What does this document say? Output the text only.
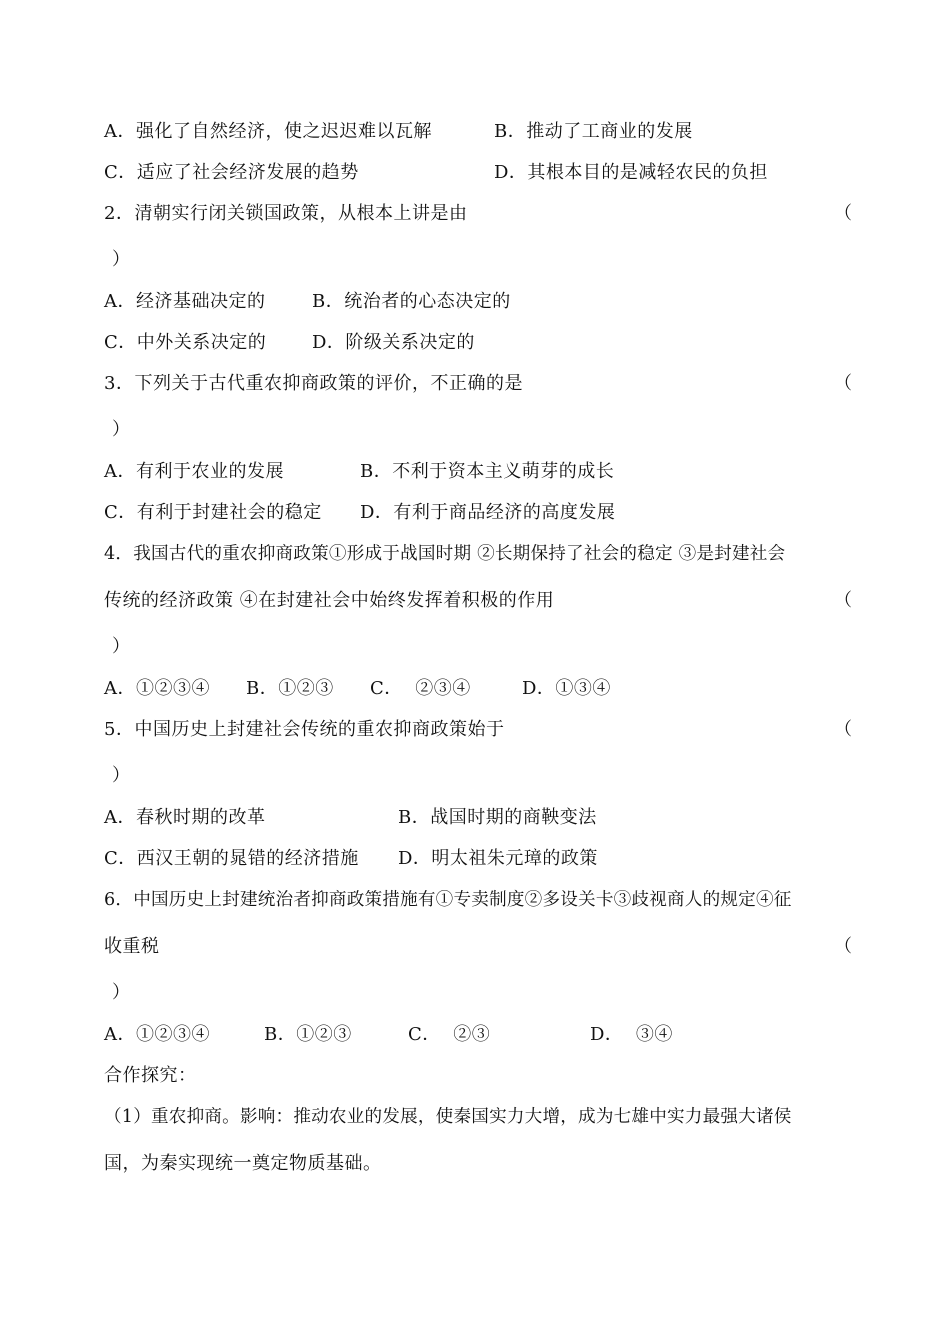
A．强化了自然经济，使之迟迟难以瓦解

	B．推动了工商业的发展

C．适应了社会经济发展的趋势

	D．其根本目的是减轻农民的负担

2．清朝实行闭关锁国政策，从根本上讲是由	（
）

A．经济基础决定的

	B．统治者的心态决定的

C．中外关系决定的

	D．阶级关系决定的

3．下列关于古代重农抑商政策的评价，不正确的是	（
）

A．有利于农业的发展

	B．不利于资本主义萌芽的成长

C．有利于封建社会的稳定

D．有利于商品经济的高度发展

4．我国古代的重农抑商政策①形成于战国时期 ②长期保持了社会的稳定 ③是封建社会
传统的经济政策 ④在封建社会中始终发挥着积极的作用	（
）

A．①②③④

B．①②③

C．  ②③④

	D．①③④

5．中国历史上封建社会传统的重农抑商政策始于	（
）

A．春秋时期的改革

	B．战国时期的商鞅变法

C．西汉王朝的晁错的经济措施

D．明太祖朱元璋的政策

6．中国历史上封建统治者抑商政策措施有①专卖制度②多设关卡③歧视商人的规定④征
收重税	（
）

A．①②③④

	B．①②③

	C．  ②③

	D．  ③④

合作探究：
（1）重农抑商。影响：推动农业的发展，使秦国实力大增，成为七雄中实力最强大诸侯
国，为秦实现统一奠定物质基础。
